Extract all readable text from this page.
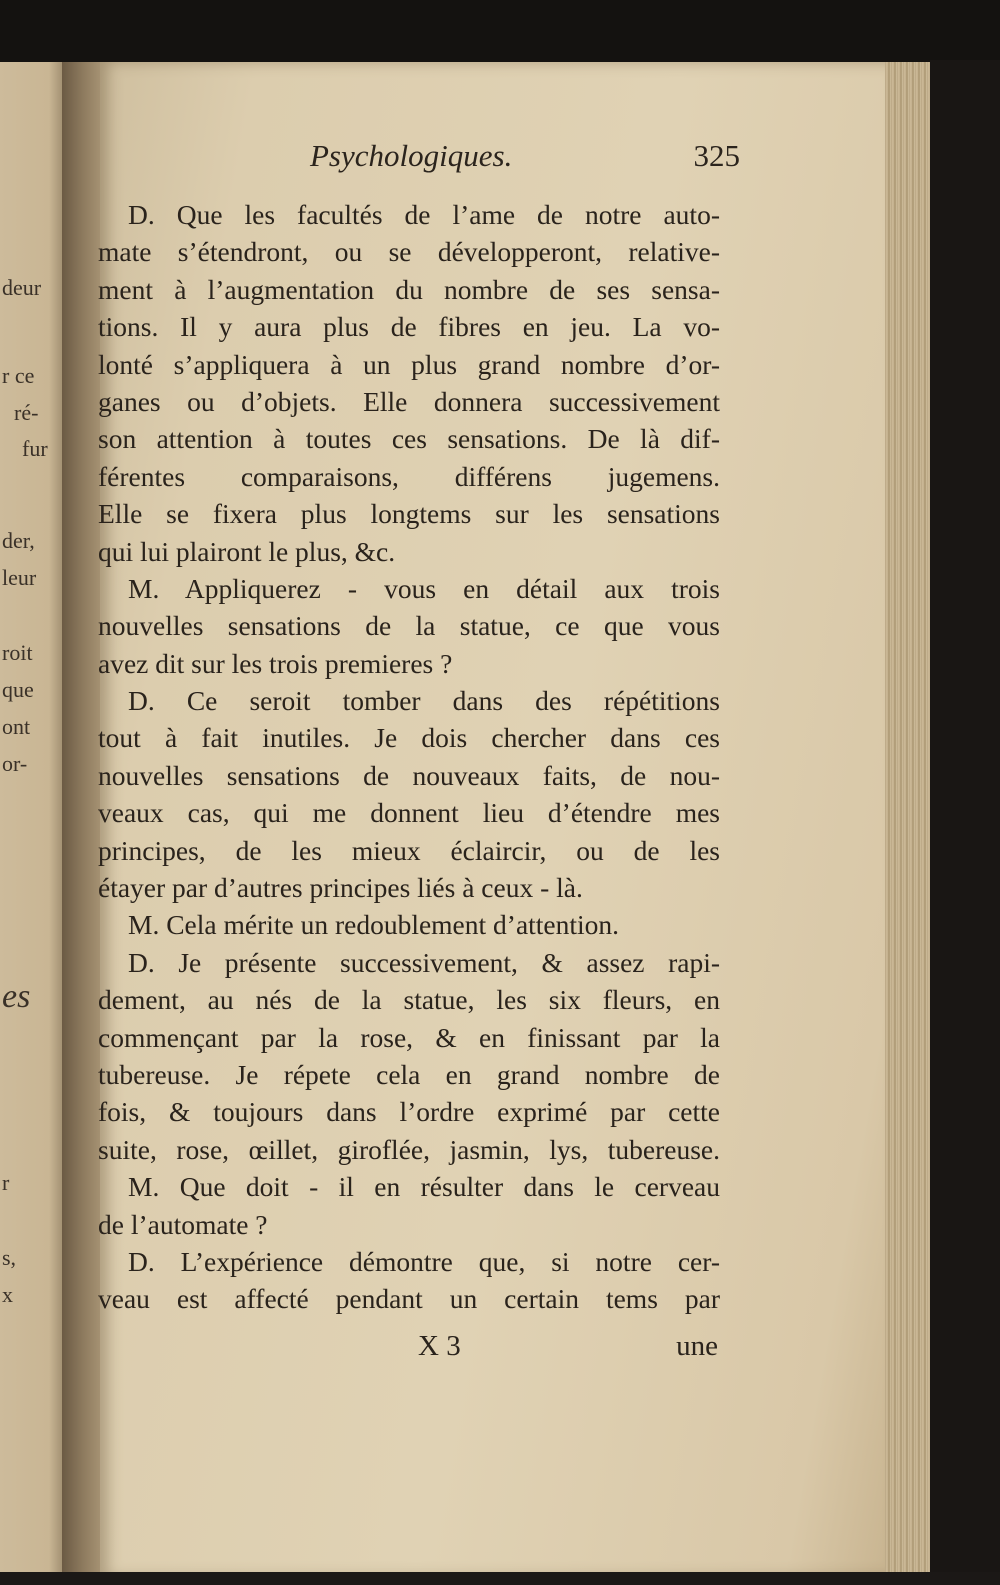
deur
r ce
ré-
fur
der,
leur
roit
que
ont
or-
es
r
s,
x
Psychologiques.	325
D. Que les facultés de l’ame de notre auto-
mate s’étendront, ou se développeront, relative-
ment à l’augmentation du nombre de ses sensa-
tions. Il y aura plus de fibres en jeu. La vo-
lonté s’appliquera à un plus grand nombre d’or-
ganes ou d’objets. Elle donnera successivement
son attention à toutes ces sensations. De là dif-
férentes comparaisons, différens jugemens.
Elle se fixera plus longtems sur les sensations
qui lui plairont le plus, &c.
M. Appliquerez - vous en détail aux trois
nouvelles sensations de la statue, ce que vous
avez dit sur les trois premieres ?
D. Ce seroit tomber dans des répétitions
tout à fait inutiles. Je dois chercher dans ces
nouvelles sensations de nouveaux faits, de nou-
veaux cas, qui me donnent lieu d’étendre mes
principes, de les mieux éclaircir, ou de les
étayer par d’autres principes liés à ceux - là.
M. Cela mérite un redoublement d’attention.
D. Je présente successivement, & assez rapi-
dement, au nés de la statue, les six fleurs, en
commençant par la rose, & en finissant par la
tubereuse. Je répete cela en grand nombre de
fois, & toujours dans l’ordre exprimé par cette
suite, rose, œillet, giroflée, jasmin, lys, tubereuse.
M. Que doit - il en résulter dans le cerveau
de l’automate ?
D. L’expérience démontre que, si notre cer-
veau est affecté pendant un certain tems par
X 3	une
